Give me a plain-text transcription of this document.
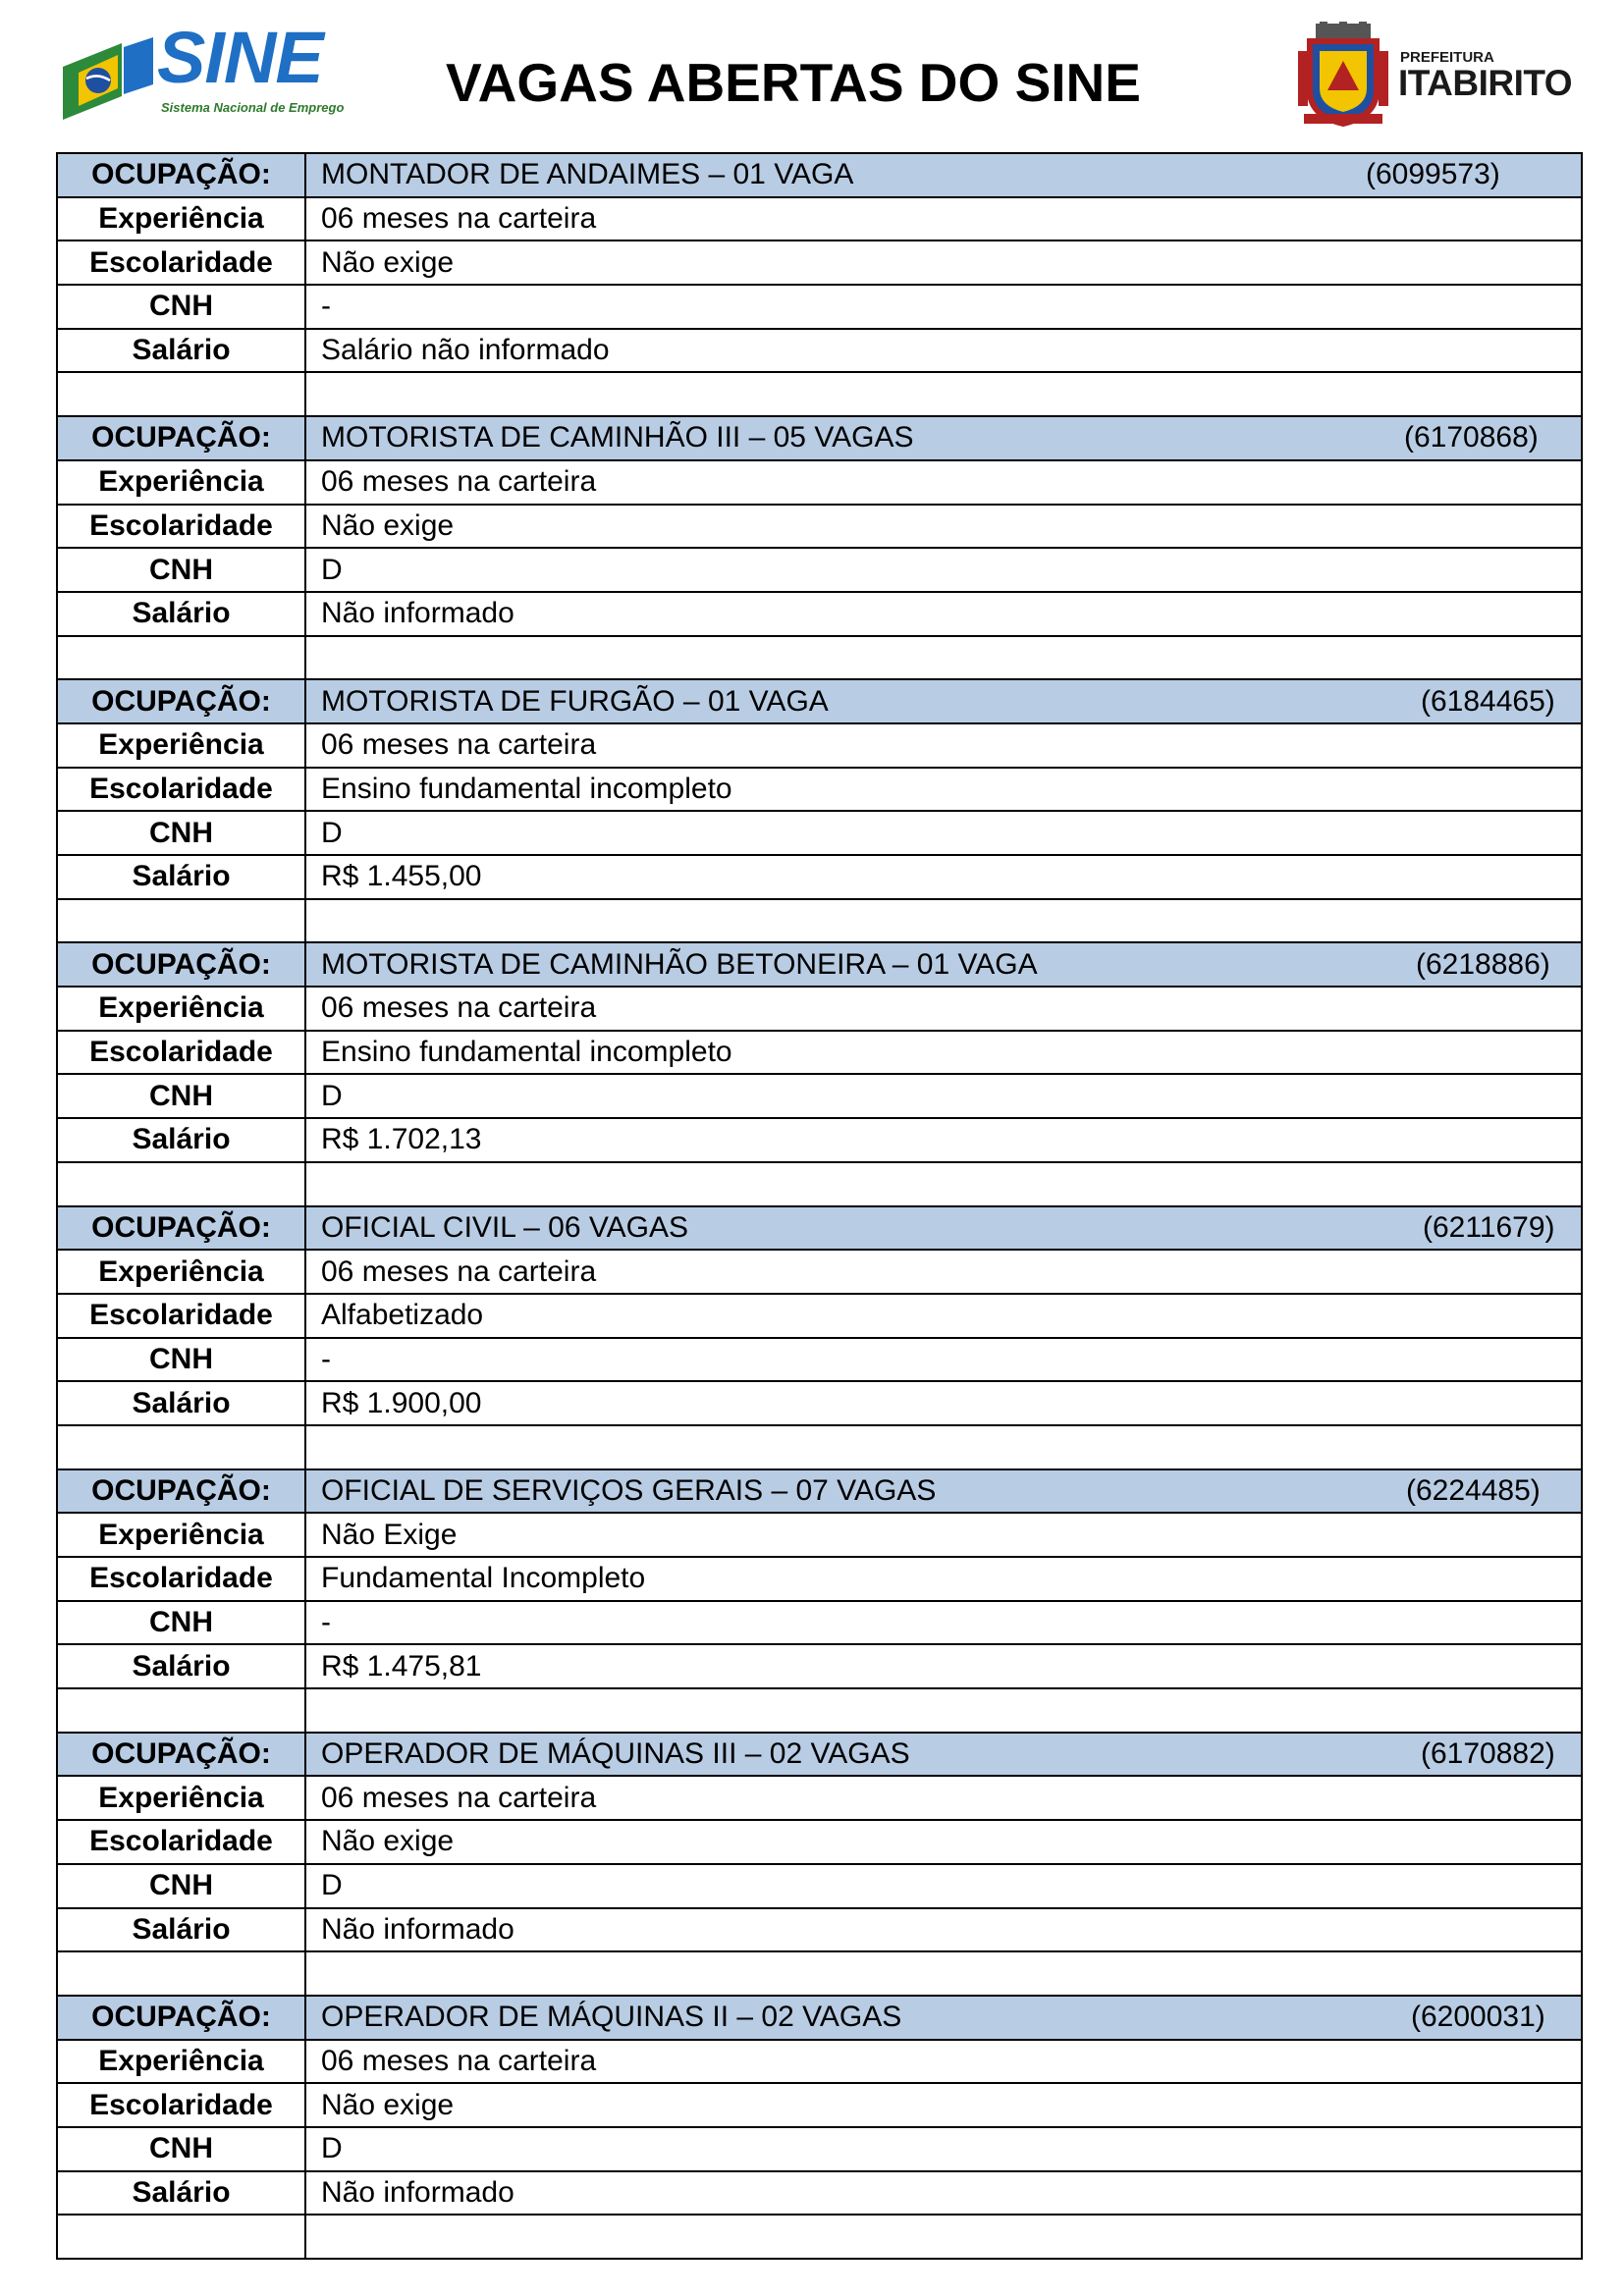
SINE
Sistema Nacional de Emprego VAGAS ABERTAS DO SINE	PREFEITURA
ITABIRITO
OCUPAÇÃO:	MONTADOR DE ANDAIMES – 01 VAGA (6099573)

Experiência	06 meses na carteira
Escolaridade	Não exige
CNH	-
Salário	Salário não informado

OCUPAÇÃO:	MOTORISTA DE CAMINHÃO III – 05 VAGAS (6170868)

Experiência	06 meses na carteira
Escolaridade	Não exige
CNH	D
Salário	Não informado

OCUPAÇÃO:	MOTORISTA DE FURGÃO – 01 VAGA (6184465)

Experiência	06 meses na carteira
Escolaridade	Ensino fundamental incompleto
CNH	D
Salário	R$ 1.455,00

OCUPAÇÃO:	MOTORISTA DE CAMINHÃO BETONEIRA – 01 VAGA (6218886)

Experiência	06 meses na carteira
Escolaridade	Ensino fundamental incompleto
CNH	D
Salário	R$ 1.702,13

OCUPAÇÃO:	OFICIAL CIVIL – 06 VAGAS (6211679)

Experiência	06 meses na carteira
Escolaridade	Alfabetizado
CNH	-
Salário	R$ 1.900,00

OCUPAÇÃO:	OFICIAL DE SERVIÇOS GERAIS – 07 VAGAS (6224485)

Experiência	Não Exige
Escolaridade	Fundamental Incompleto
CNH	-
Salário	R$ 1.475,81

OCUPAÇÃO:	OPERADOR DE MÁQUINAS III – 02 VAGAS (6170882)

Experiência	06 meses na carteira
Escolaridade	Não exige
CNH	D
Salário	Não informado

OCUPAÇÃO:	OPERADOR DE MÁQUINAS II – 02 VAGAS (6200031)

Experiência	06 meses na carteira
Escolaridade	Não exige
CNH	D
Salário	Não informado
